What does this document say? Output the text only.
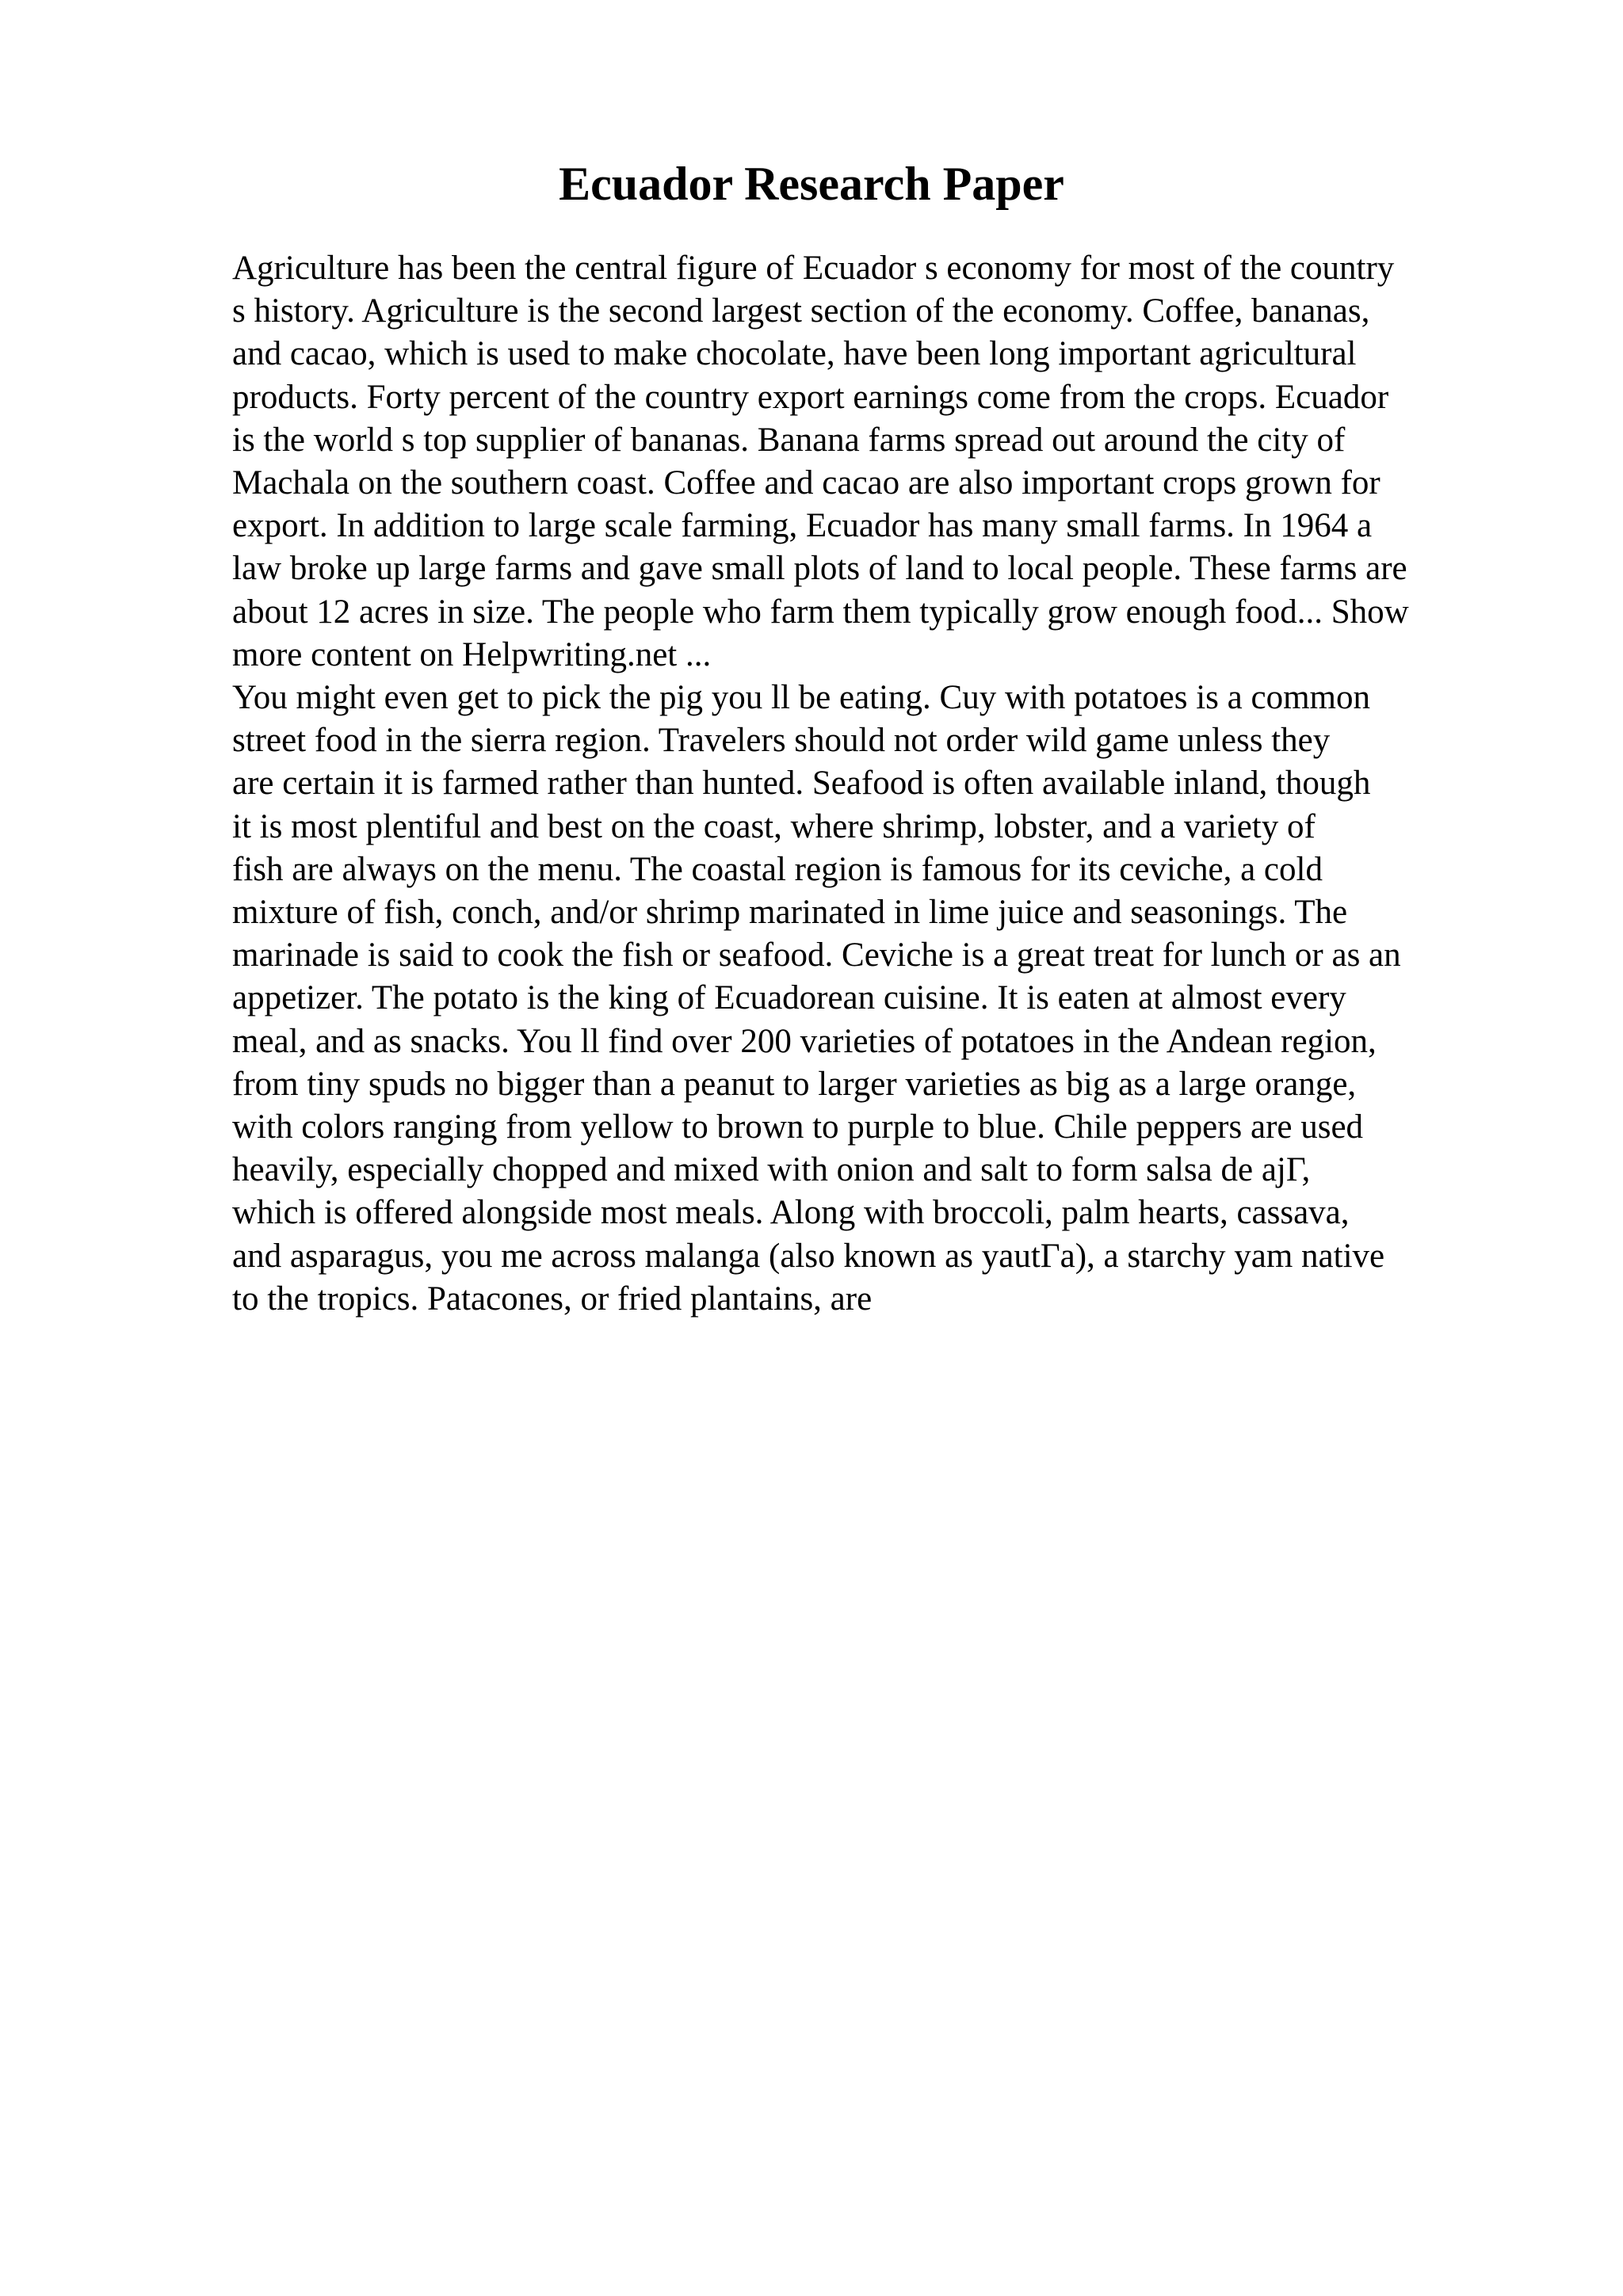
Ecuador Research Paper
Agriculture has been the central figure of Ecuador s economy for most of the country
s history. Agriculture is the second largest section of the economy. Coffee, bananas,
and cacao, which is used to make chocolate, have been long important agricultural
products. Forty percent of the country export earnings come from the crops. Ecuador
is the world s top supplier of bananas. Banana farms spread out around the city of
Machala on the southern coast. Coffee and cacao are also important crops grown for
export. In addition to large scale farming, Ecuador has many small farms. In 1964 a
law broke up large farms and gave small plots of land to local people. These farms are
about 12 acres in size. The people who farm them typically grow enough food... Show
more content on Helpwriting.net ...
You might even get to pick the pig you ll be eating. Cuy with potatoes is a common
street food in the sierra region. Travelers should not order wild game unless they
are certain it is farmed rather than hunted. Seafood is often available inland, though
it is most plentiful and best on the coast, where shrimp, lobster, and a variety of
fish are always on the menu. The coastal region is famous for its ceviche, a cold
mixture of fish, conch, and/or shrimp marinated in lime juice and seasonings. The
marinade is said to cook the fish or seafood. Ceviche is a great treat for lunch or as an
appetizer. The potato is the king of Ecuadorean cuisine. It is eaten at almost every
meal, and as snacks. You ll find over 200 varieties of potatoes in the Andean region,
from tiny spuds no bigger than a peanut to larger varieties as big as a large orange,
with colors ranging from yellow to brown to purple to blue. Chile peppers are used
heavily, especially chopped and mixed with onion and salt to form salsa de ajΓ,
which is offered alongside most meals. Along with broccoli, palm hearts, cassava,
and asparagus, you me across malanga (also known as yautΓa), a starchy yam native
to the tropics. Patacones, or fried plantains, are
